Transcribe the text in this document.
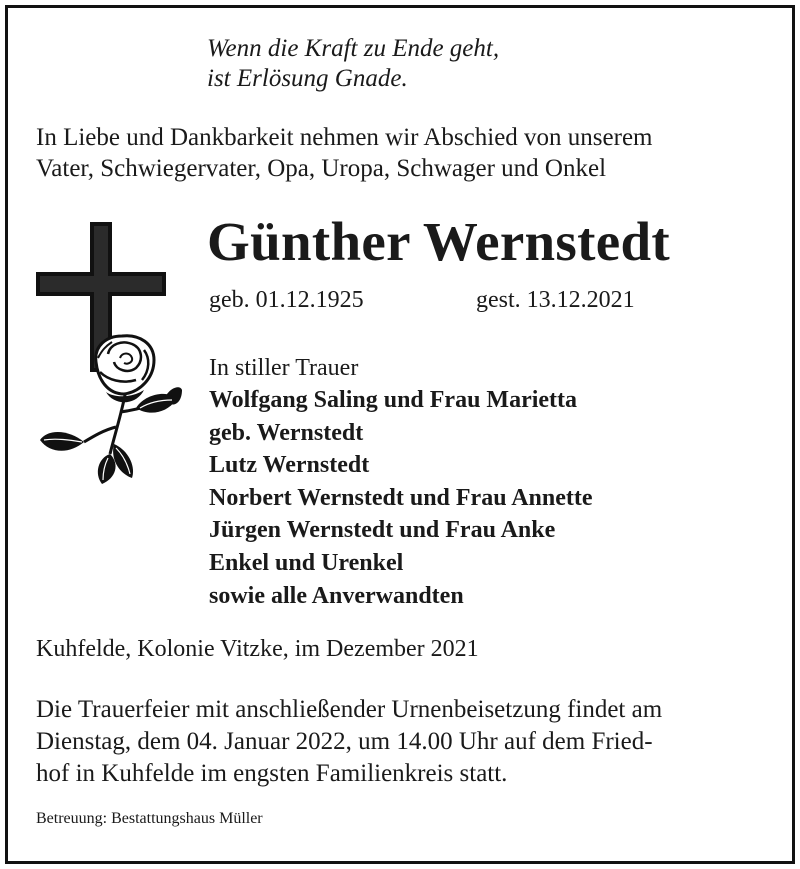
Wenn die Kraft zu Ende geht,
ist Erlösung Gnade.
In Liebe und Dankbarkeit nehmen wir Abschied von unserem
Vater, Schwiegervater, Opa, Uropa, Schwager und Onkel
Günther Wernstedt
geb. 01.12.1925	gest. 13.12.2021
In stiller Trauer
Wolfgang Saling und Frau Marietta
geb. Wernstedt
Lutz Wernstedt
Norbert Wernstedt und Frau Annette
Jürgen Wernstedt und Frau Anke
Enkel und Urenkel
sowie alle Anverwandten
Kuhfelde, Kolonie Vitzke, im Dezember 2021
Die Trauerfeier mit anschließender Urnenbeisetzung findet am
Dienstag, dem 04. Januar 2022, um 14.00 Uhr auf dem Fried-
hof in Kuhfelde im engsten Familienkreis statt.
Betreuung: Bestattungshaus Müller
